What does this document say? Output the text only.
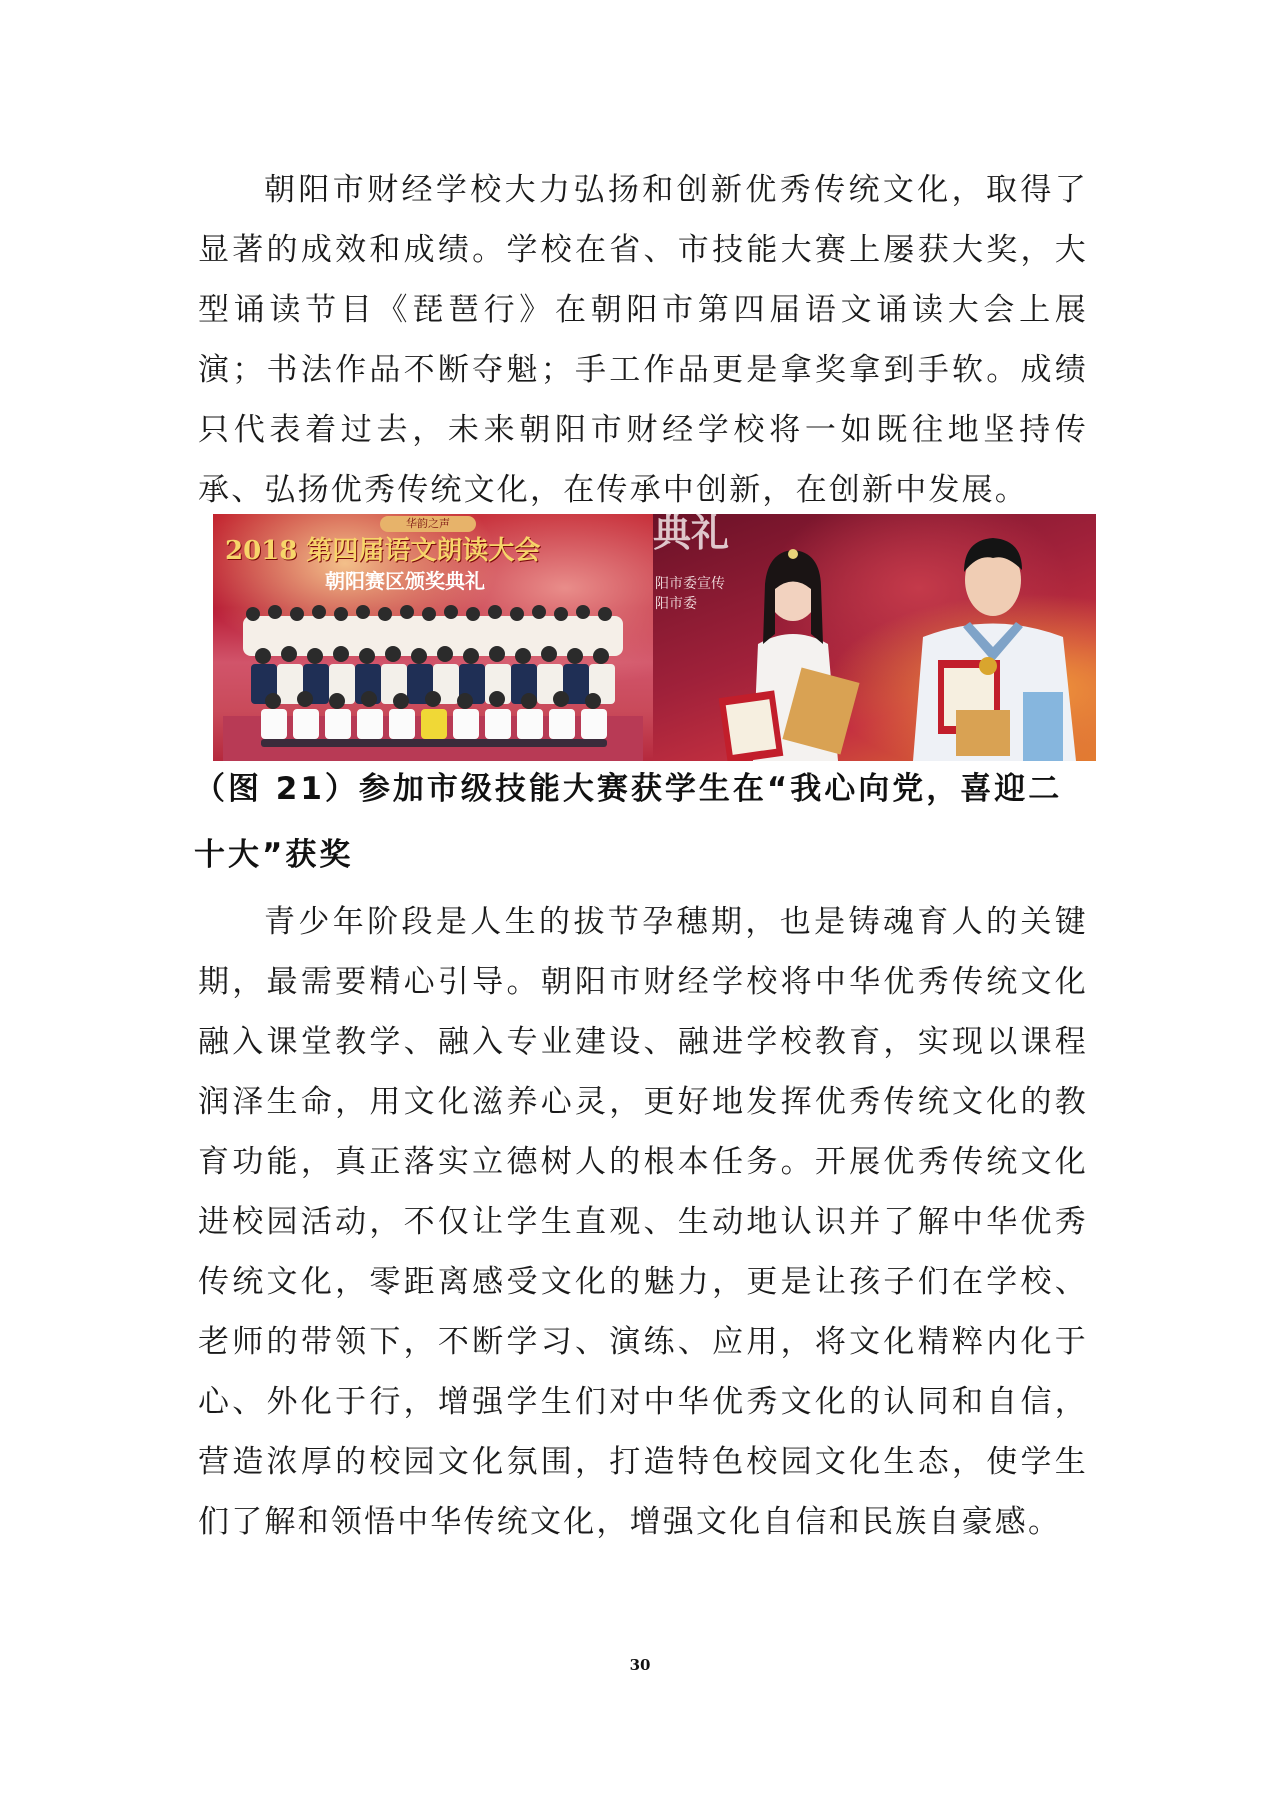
朝阳市财经学校大力弘扬和创新优秀传统文化，取得了显著的成效和成绩。学校在省、市技能大赛上屡获大奖，大型诵读节目《琵琶行》在朝阳市第四届语文诵读大会上展演；书法作品不断夺魁；手工作品更是拿奖拿到手软。成绩只代表着过去，未来朝阳市财经学校将一如既往地坚持传承、弘扬优秀传统文化，在传承中创新，在创新中发展。

华韵之声
2018 第四届语文朗读大会
朝阳赛区颁奖典礼
典礼
阳市委宣传
阳市委

（图 21）参加市级技能大赛获学生在“我心向党，喜迎二十大”获奖

青少年阶段是人生的拔节孕穗期，也是铸魂育人的关键期，最需要精心引导。朝阳市财经学校将中华优秀传统文化融入课堂教学、融入专业建设、融进学校教育，实现以课程润泽生命，用文化滋养心灵，更好地发挥优秀传统文化的教育功能，真正落实立德树人的根本任务。开展优秀传统文化进校园活动，不仅让学生直观、生动地认识并了解中华优秀传统文化，零距离感受文化的魅力，更是让孩子们在学校、老师的带领下，不断学习、演练、应用，将文化精粹内化于心、外化于行，增强学生们对中华优秀文化的认同和自信，营造浓厚的校园文化氛围，打造特色校园文化生态，使学生们了解和领悟中华传统文化，增强文化自信和民族自豪感。

30
